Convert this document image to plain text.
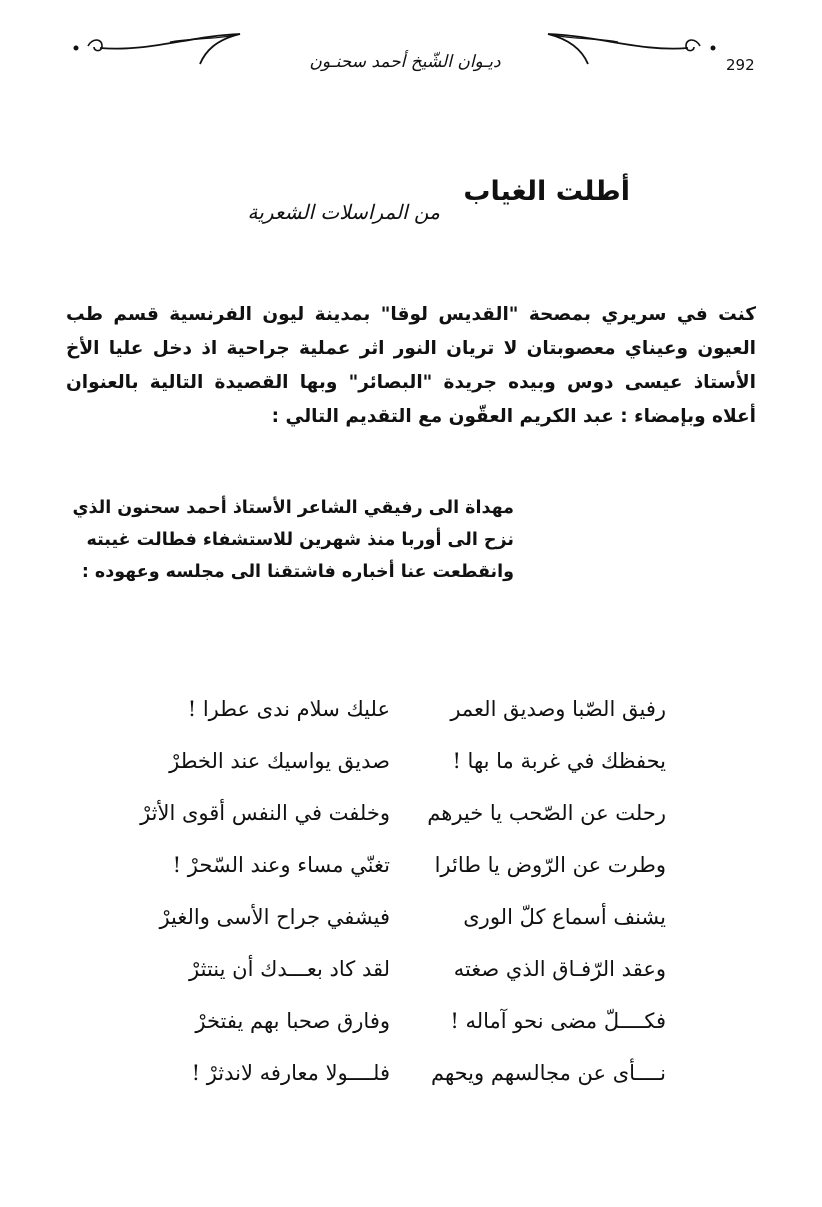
292
ديـوان الشّيخ أحمد سحنـون
أطلت الغياب
من المراسلات الشعرية
كنت في سريري بمصحة "القديس لوقا" بمدينة ليون الفرنسية قسم طب العيون وعيناي معصوبتان لا تريان النور اثر عملية جراحية اذ دخل عليا الأخ الأستاذ عيسى دوس وبيده جريدة "البصائر" وبها القصيدة التالية بالعنوان أعلاه وبإمضاء : عبد الكريم العقّون مع التقديم التالي :
مهداة الى رفيقي الشاعر الأستاذ أحمد سحنون الذي
نزح الى أوربا منذ شهرين للاستشفاء فطالت غيبته
وانقطعت عنا أخباره فاشتقنا الى مجلسه وعهوده :
رفيق الصّبا وصديق العمر
عليك سلام ندى عطرا !
يحفظك في غربة ما بها !
صديق يواسيك عند الخطرْ
رحلت عن الصّحب يا خيرهم
وخلفت في النفس أقوى الأثرْ
وطرت عن الرّوض يا طائرا
تغنّي مساء وعند السّحرْ !
يشنف أسماع كلّ الورى
فيشفي جراح الأسى والغيرْ
وعقد الرّفـاق الذي صغته
لقد كاد بعـــدك أن ينتثرْ
فكــــلّ مضى نحو آماله !
وفارق صحبا بهم يفتخرْ
نــــأى عن مجالسهم ويحهم
فلــــولا معارفه لاندثرْ !
